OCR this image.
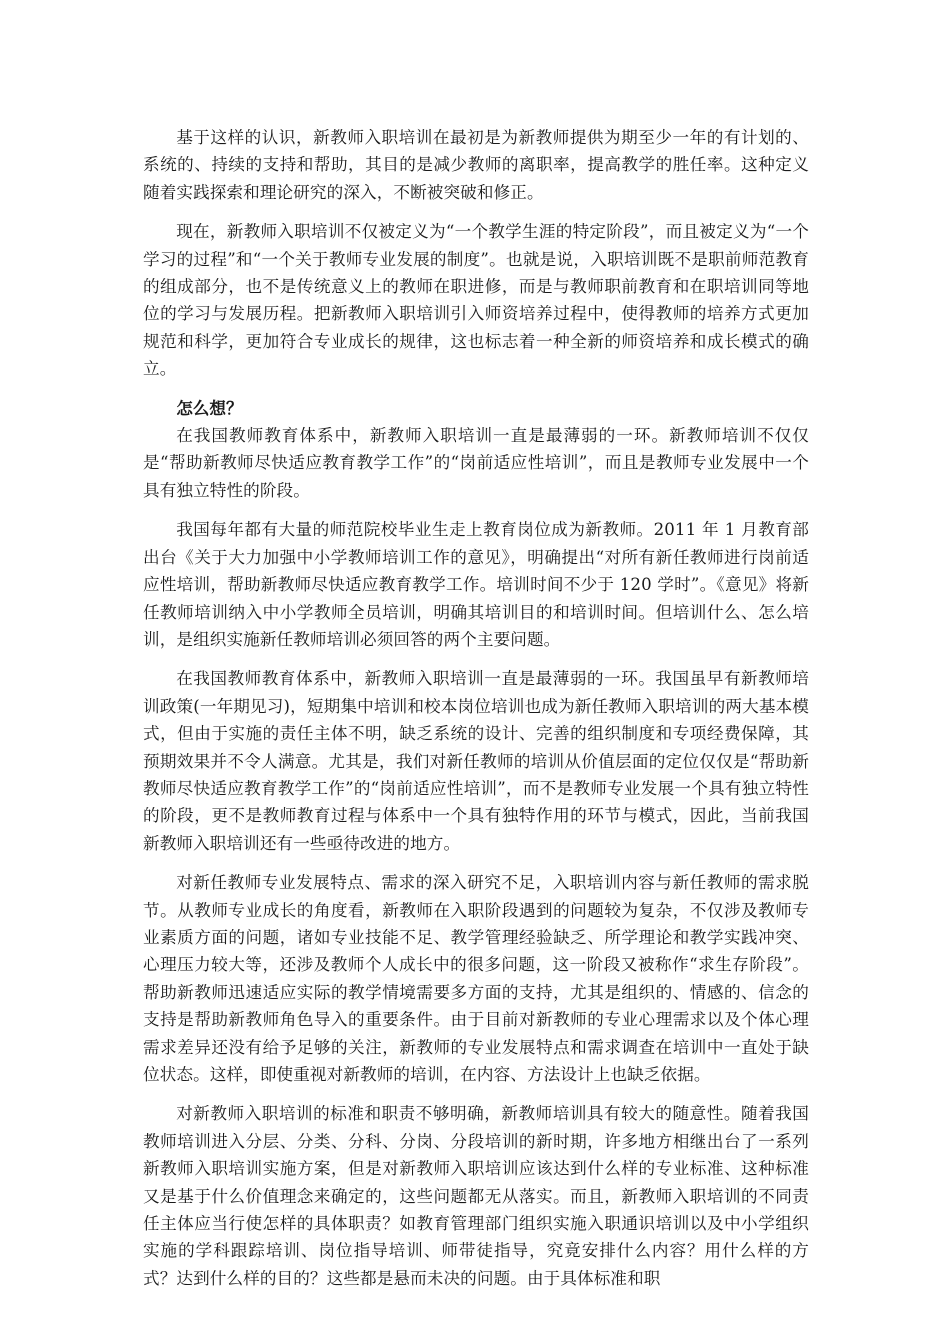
基于这样的认识，新教师入职培训在最初是为新教师提供为期至少一年的有计划的、系统的、持续的支持和帮助，其目的是减少教师的离职率，提高教学的胜任率。这种定义随着实践探索和理论研究的深入，不断被突破和修正。

现在，新教师入职培训不仅被定义为“一个教学生涯的特定阶段”，而且被定义为“一个学习的过程”和“一个关于教师专业发展的制度”。也就是说，入职培训既不是职前师范教育的组成部分，也不是传统意义上的教师在职进修，而是与教师职前教育和在职培训同等地位的学习与发展历程。把新教师入职培训引入师资培养过程中，使得教师的培养方式更加规范和科学，更加符合专业成长的规律，这也标志着一种全新的师资培养和成长模式的确立。

怎么想？

在我国教师教育体系中，新教师入职培训一直是最薄弱的一环。新教师培训不仅仅是“帮助新教师尽快适应教育教学工作”的“岗前适应性培训”，而且是教师专业发展中一个具有独立特性的阶段。

我国每年都有大量的师范院校毕业生走上教育岗位成为新教师。2011 年 1 月教育部出台《关于大力加强中小学教师培训工作的意见》，明确提出“对所有新任教师进行岗前适应性培训，帮助新教师尽快适应教育教学工作。培训时间不少于 120 学时”。《意见》将新任教师培训纳入中小学教师全员培训，明确其培训目的和培训时间。但培训什么、怎么培训，是组织实施新任教师培训必须回答的两个主要问题。

在我国教师教育体系中，新教师入职培训一直是最薄弱的一环。我国虽早有新教师培训政策(一年期见习)，短期集中培训和校本岗位培训也成为新任教师入职培训的两大基本模式，但由于实施的责任主体不明，缺乏系统的设计、完善的组织制度和专项经费保障，其预期效果并不令人满意。尤其是，我们对新任教师的培训从价值层面的定位仅仅是“帮助新教师尽快适应教育教学工作”的“岗前适应性培训”，而不是教师专业发展一个具有独立特性的阶段，更不是教师教育过程与体系中一个具有独特作用的环节与模式，因此，当前我国新教师入职培训还有一些亟待改进的地方。

对新任教师专业发展特点、需求的深入研究不足，入职培训内容与新任教师的需求脱节。从教师专业成长的角度看，新教师在入职阶段遇到的问题较为复杂，不仅涉及教师专业素质方面的问题，诸如专业技能不足、教学管理经验缺乏、所学理论和教学实践冲突、心理压力较大等，还涉及教师个人成长中的很多问题，这一阶段又被称作“求生存阶段”。帮助新教师迅速适应实际的教学情境需要多方面的支持，尤其是组织的、情感的、信念的支持是帮助新教师角色导入的重要条件。由于目前对新教师的专业心理需求以及个体心理需求差异还没有给予足够的关注，新教师的专业发展特点和需求调查在培训中一直处于缺位状态。这样，即使重视对新教师的培训，在内容、方法设计上也缺乏依据。

对新教师入职培训的标准和职责不够明确，新教师培训具有较大的随意性。随着我国教师培训进入分层、分类、分科、分岗、分段培训的新时期，许多地方相继出台了一系列新教师入职培训实施方案，但是对新教师入职培训应该达到什么样的专业标准、这种标准又是基于什么价值理念来确定的，这些问题都无从落实。而且，新教师入职培训的不同责任主体应当行使怎样的具体职责？如教育管理部门组织实施入职通识培训以及中小学组织实施的学科跟踪培训、岗位指导培训、师带徒指导，究竟安排什么内容？用什么样的方式？达到什么样的目的？这些都是悬而未决的问题。由于具体标准和职
